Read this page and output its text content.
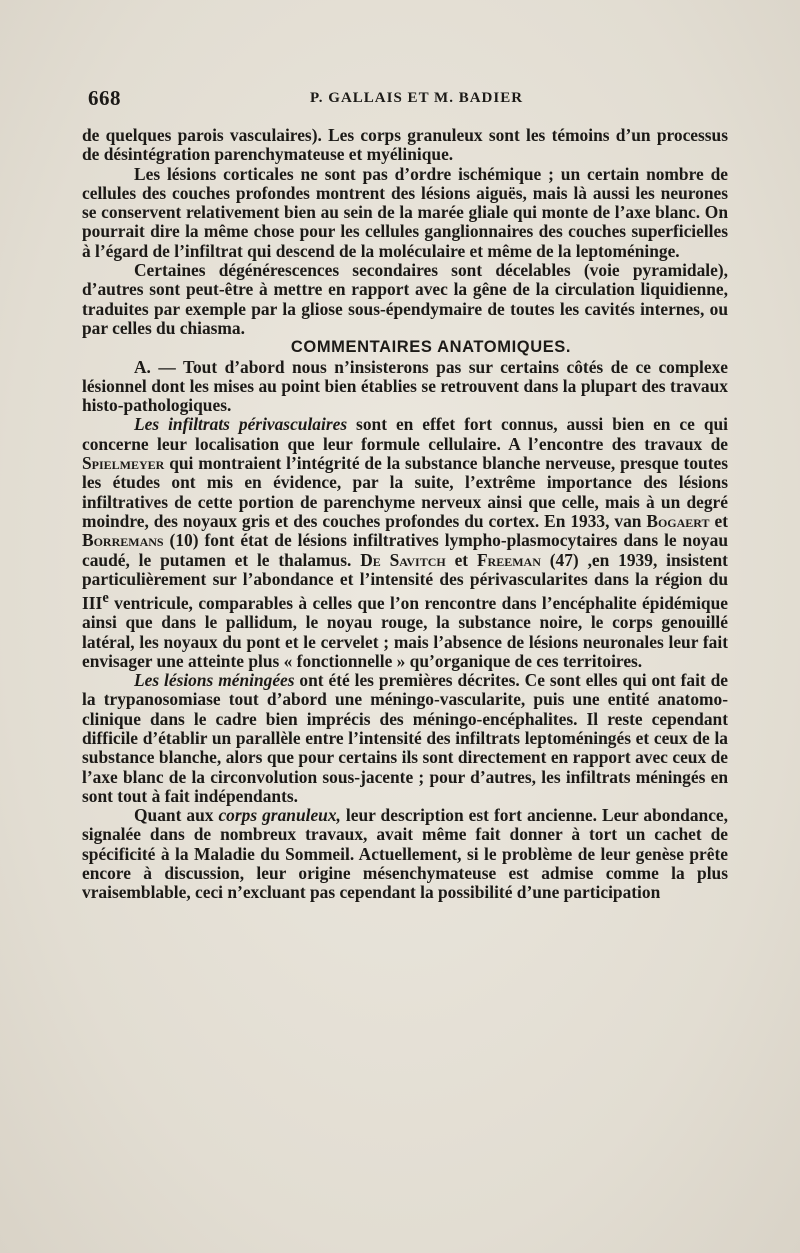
668	P. GALLAIS ET M. BADIER

de quelques parois vasculaires). Les corps granuleux sont les témoins d’un processus de désintégration parenchymateuse et myélinique.

Les lésions corticales ne sont pas d’ordre ischémique ; un certain nombre de cellules des couches profondes montrent des lésions aiguës, mais là aussi les neurones se conservent relativement bien au sein de la marée gliale qui monte de l’axe blanc. On pourrait dire la même chose pour les cellules ganglionnaires des couches superficielles à l’égard de l’infiltrat qui descend de la moléculaire et même de la leptoméninge.

Certaines dégénérescences secondaires sont décelables (voie pyramidale), d’autres sont peut-être à mettre en rapport avec la gêne de la circulation liquidienne, traduites par exemple par la gliose sous-épendymaire de toutes les cavités internes, ou par celles du chiasma.

COMMENTAIRES ANATOMIQUES.

A. — Tout d’abord nous n’insisterons pas sur certains côtés de ce complexe lésionnel dont les mises au point bien établies se retrouvent dans la plupart des travaux histo-pathologiques.

Les infiltrats périvasculaires sont en effet fort connus, aussi bien en ce qui concerne leur localisation que leur formule cellulaire. A l’encontre des travaux de Spielmeyer qui montraient l’intégrité de la substance blanche nerveuse, presque toutes les études ont mis en évidence, par la suite, l’extrême importance des lésions infiltratives de cette portion de parenchyme nerveux ainsi que celle, mais à un degré moindre, des noyaux gris et des couches profondes du cortex. En 1933, van Bogaert et Borremans (10) font état de lésions infiltratives lympho-plasmocytaires dans le noyau caudé, le putamen et le thalamus. De Savitch et Freeman (47) ,en 1939, insistent particulièrement sur l’abondance et l’intensité des périvascularites dans la région du IIIe ventricule, comparables à celles que l’on rencontre dans l’encéphalite épidémique ainsi que dans le pallidum, le noyau rouge, la substance noire, le corps genouillé latéral, les noyaux du pont et le cervelet ; mais l’absence de lésions neuronales leur fait envisager une atteinte plus « fonctionnelle » qu’organique de ces territoires.

Les lésions méningées ont été les premières décrites. Ce sont elles qui ont fait de la trypanosomiase tout d’abord une méningo-vascularite, puis une entité anatomo-clinique dans le cadre bien imprécis des méningo-encéphalites. Il reste cependant difficile d’établir un parallèle entre l’intensité des infiltrats leptoméningés et ceux de la substance blanche, alors que pour certains ils sont directement en rapport avec ceux de l’axe blanc de la circonvolution sous-jacente ; pour d’autres, les infiltrats méningés en sont tout à fait indépendants.

Quant aux corps granuleux, leur description est fort ancienne. Leur abondance, signalée dans de nombreux travaux, avait même fait donner à tort un cachet de spécificité à la Maladie du Sommeil. Actuellement, si le problème de leur genèse prête encore à discussion, leur origine mésenchymateuse est admise comme la plus vraisemblable, ceci n’excluant pas cependant la possibilité d’une participation
